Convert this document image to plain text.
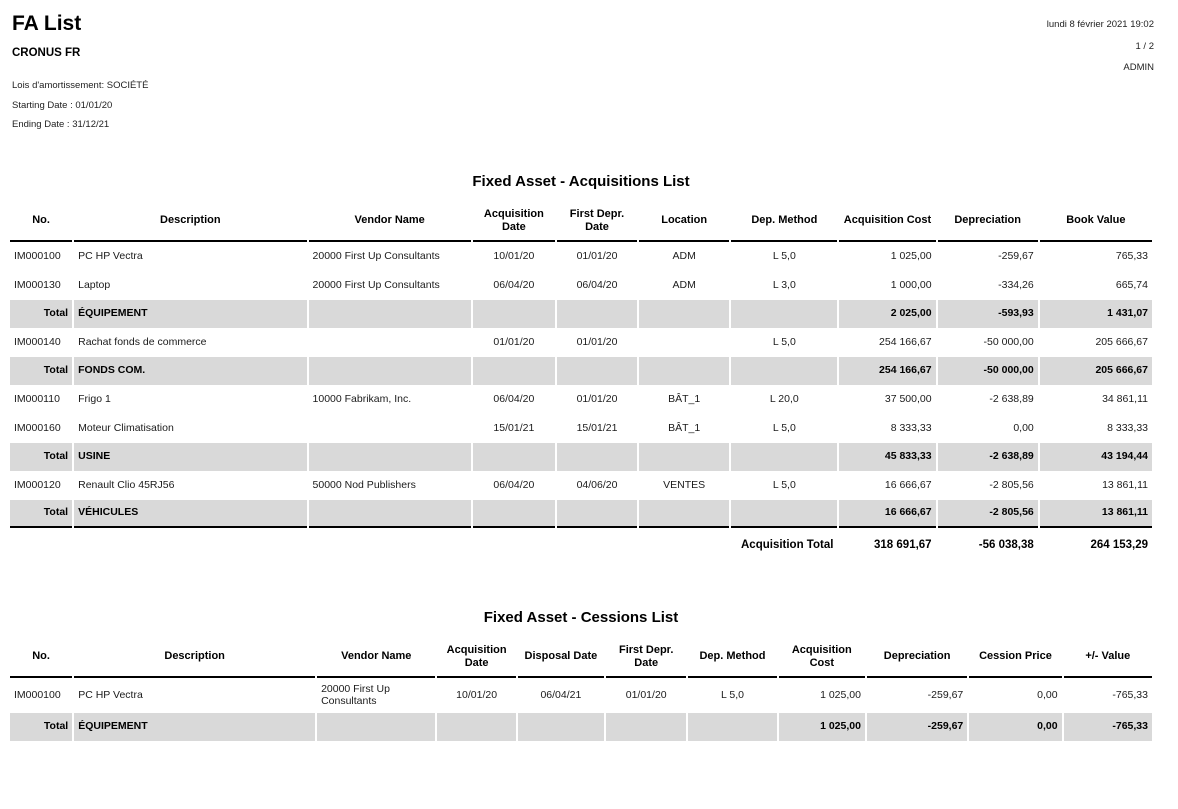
FA List
CRONUS FR
Lois d'amortissement: SOCIÉTÉ
Starting Date : 01/01/20
Ending Date : 31/12/21
lundi 8 février 2021 19:02
1 / 2
ADMIN
Fixed Asset - Acquisitions List
No.	Description	Vendor Name	Acquisition Date	First Depr. Date	Location	Dep. Method	Acquisition Cost	Depreciation	Book Value
IM000100	PC HP Vectra	20000 First Up Consultants	10/01/20	01/01/20	ADM	L 5,0	1 025,00	-259,67	765,33
IM000130	Laptop	20000 First Up Consultants	06/04/20	06/04/20	ADM	L 3,0	1 000,00	-334,26	665,74
Total	ÉQUIPEMENT						2 025,00	-593,93	1 431,07
IM000140	Rachat fonds de commerce		01/01/20	01/01/20		L 5,0	254 166,67	-50 000,00	205 666,67
Total	FONDS COM.						254 166,67	-50 000,00	205 666,67
IM000110	Frigo 1	10000 Fabrikam, Inc.	06/04/20	01/01/20	BÂT_1	L 20,0	37 500,00	-2 638,89	34 861,11
IM000160	Moteur Climatisation		15/01/21	15/01/21	BÂT_1	L 5,0	8 333,33	0,00	8 333,33
Total	USINE						45 833,33	-2 638,89	43 194,44
IM000120	Renault Clio 45RJ56	50000 Nod Publishers	06/04/20	04/06/20	VENTES	L 5,0	16 666,67	-2 805,56	13 861,11
Total	VÉHICULES						16 666,67	-2 805,56	13 861,11
Acquisition Total							318 691,67	-56 038,38	264 153,29
Fixed Asset - Cessions List
No.	Description	Vendor Name	Acquisition Date	Disposal Date	First Depr. Date	Dep. Method	Acquisition Cost	Depreciation	Cession Price	+/- Value
IM000100	PC HP Vectra	20000 First Up Consultants	10/01/20	06/04/21	01/01/20	L 5,0	1 025,00	-259,67	0,00	-765,33
Total	ÉQUIPEMENT						1 025,00	-259,67	0,00	-765,33
